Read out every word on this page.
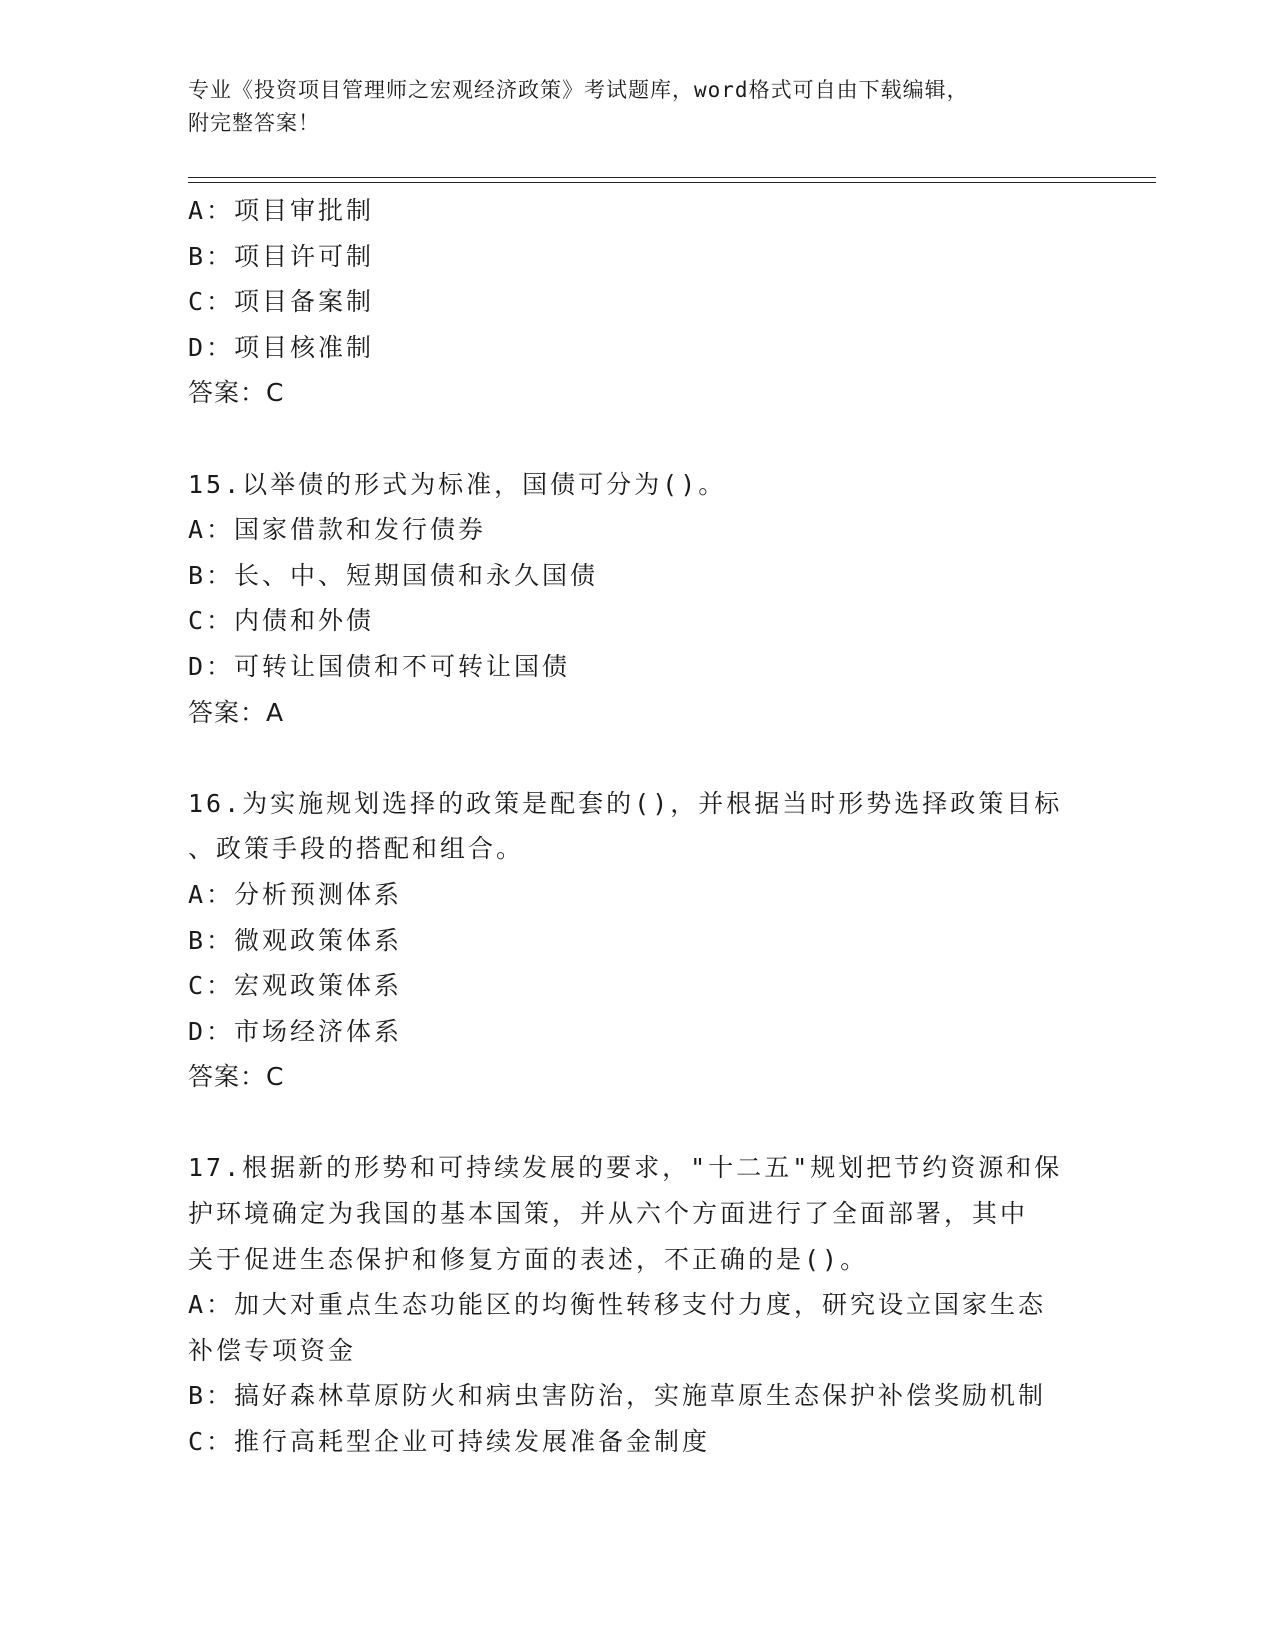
专业《投资项目管理师之宏观经济政策》考试题库，word格式可自由下载编辑，
附完整答案！
A：项目审批制
B：项目许可制
C：项目备案制
D：项目核准制
答案：C
15.以举债的形式为标准，国债可分为()。
A：国家借款和发行债券
B：长、中、短期国债和永久国债
C：内债和外债
D：可转让国债和不可转让国债
答案：A
16.为实施规划选择的政策是配套的()，并根据当时形势选择政策目标
、政策手段的搭配和组合。
A：分析预测体系
B：微观政策体系
C：宏观政策体系
D：市场经济体系
答案：C
17.根据新的形势和可持续发展的要求，"十二五"规划把节约资源和保
护环境确定为我国的基本国策，并从六个方面进行了全面部署，其中
关于促进生态保护和修复方面的表述，不正确的是()。
A：加大对重点生态功能区的均衡性转移支付力度，研究设立国家生态
补偿专项资金
B：搞好森林草原防火和病虫害防治，实施草原生态保护补偿奖励机制
C：推行高耗型企业可持续发展准备金制度
